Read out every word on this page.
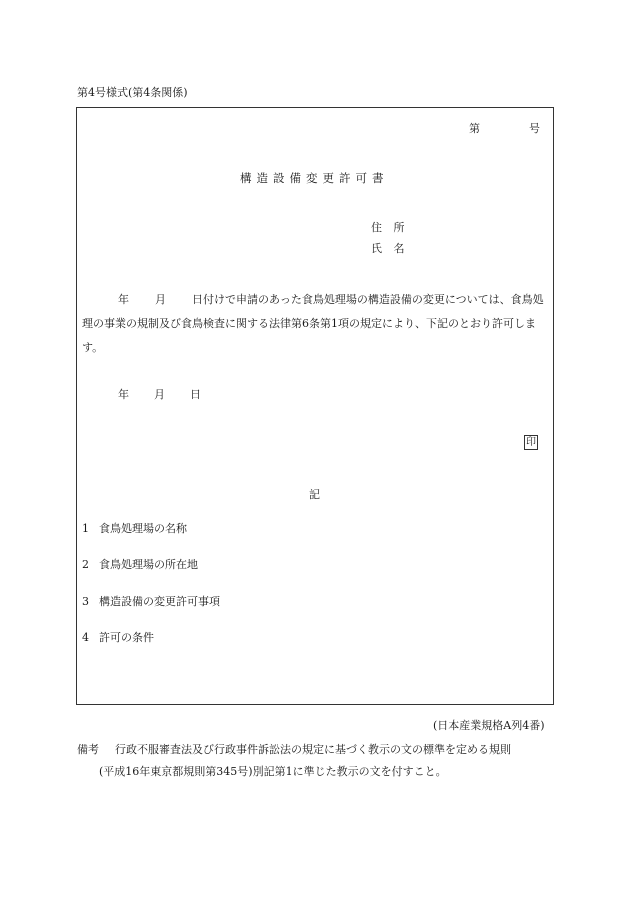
第4号様式(第4条関係)
第	号
構造設備変更許可書
住 所
氏 名
年 月 日付けで申請のあった食鳥処理場の構造設備の変更については、食鳥処理の事業の規制及び食鳥検査に関する法律第6条第1項の規定により、下記のとおり許可します。
年 月 日
印
記
1 食鳥処理場の名称
2 食鳥処理場の所在地
3 構造設備の変更許可事項
4 許可の条件
(日本産業規格A列4番)
備考 行政不服審査法及び行政事件訴訟法の規定に基づく教示の文の標準を定める規則
(平成16年東京都規則第345号)別記第1に準じた教示の文を付すこと。
